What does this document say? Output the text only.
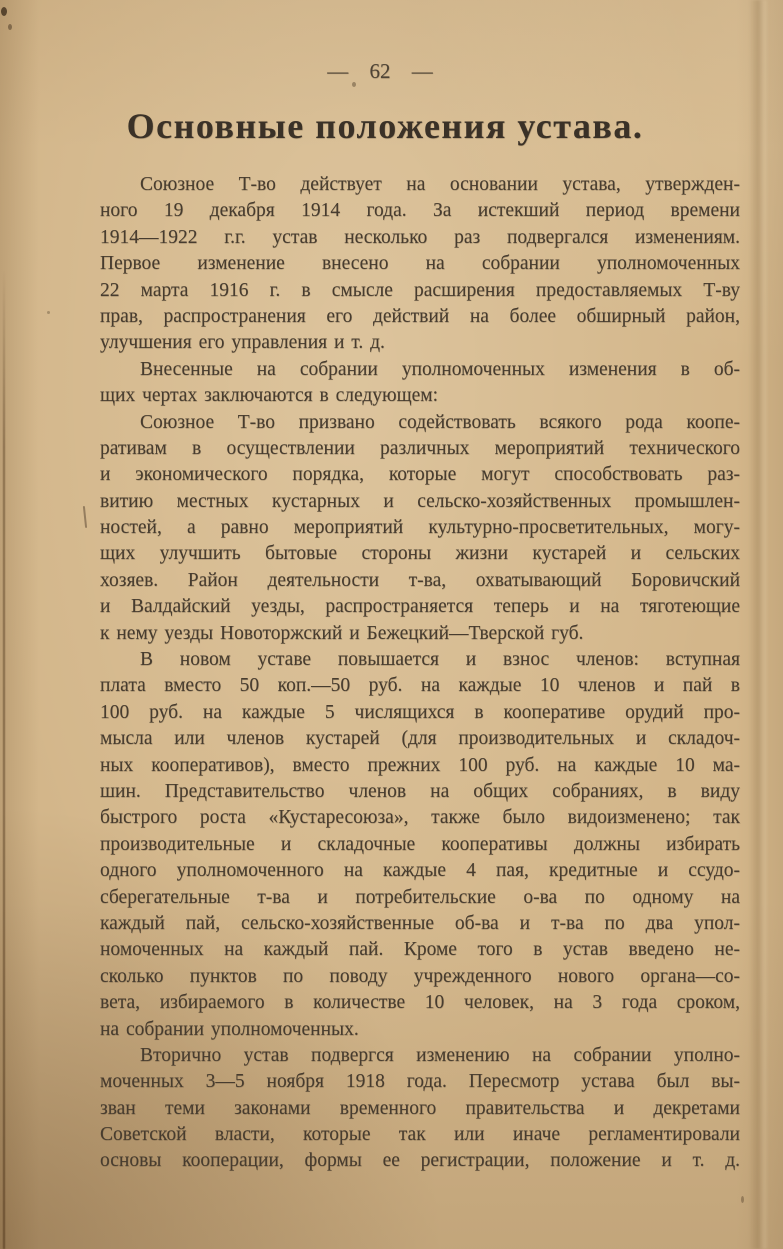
— 62 —
Основные положения устава.
Союзное Т-во действует на основании устава, утвержден-
ного 19 декабря 1914 года. За истекший период времени
1914—1922 г.г. устав несколько раз подвергался изменениям.
Первое изменение внесено на собрании уполномоченных
22 марта 1916 г. в смысле расширения предоставляемых Т-ву
прав, распространения его действий на более обширный район,
улучшения его управления и т. д.
Внесенные на собрании уполномоченных изменения в об-
щих чертах заключаются в следующем:
Союзное Т-во призвано содействовать всякого рода коопе-
ративам в осуществлении различных мероприятий технического
и экономического порядка, которые могут способствовать раз-
витию местных кустарных и сельско-хозяйственных промышлен-
ностей, а равно мероприятий культурно-просветительных, могу-
щих улучшить бытовые стороны жизни кустарей и сельских
хозяев. Район деятельности т-ва, охватывающий Боровичский
и Валдайский уезды, распространяется теперь и на тяготеющие
к нему уезды Новоторжский и Бежецкий—Тверской губ.
В новом уставе повышается и взнос членов: вступная
плата вместо 50 коп.—50 руб. на каждые 10 членов и пай в
100 руб. на каждые 5 числящихся в кооперативе орудий про-
мысла или членов кустарей (для производительных и складоч-
ных кооперативов), вместо прежних 100 руб. на каждые 10 ма-
шин. Представительство членов на общих собраниях, в виду
быстрого роста «Кустаресоюза», также было видоизменено; так
производительные и складочные кооперативы должны избирать
одного уполномоченного на каждые 4 пая, кредитные и ссудо-
сберегательные т-ва и потребительские о-ва по одному на
каждый пай, сельско-хозяйственные об-ва и т-ва по два упол-
номоченных на каждый пай. Кроме того в устав введено не-
сколько пунктов по поводу учрежденного нового органа—со-
вета, избираемого в количестве 10 человек, на 3 года сроком,
на собрании уполномоченных.
Вторично устав подвергся изменению на собрании уполно-
моченных 3—5 ноября 1918 года. Пересмотр устава был вы-
зван теми законами временного правительства и декретами
Советской власти, которые так или иначе регламентировали
основы кооперации, формы ее регистрации, положение и т. д.
